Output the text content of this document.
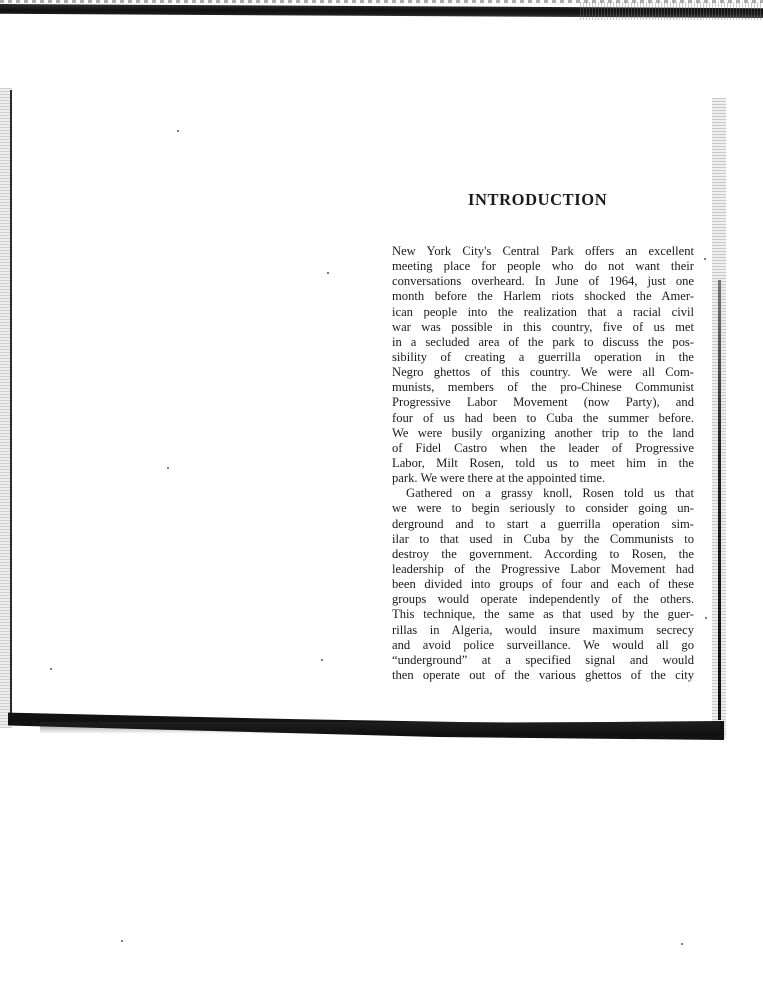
INTRODUCTION
New York City's Central Park offers an excellent
meeting place for people who do not want their
conversations overheard. In June of 1964, just one
month before the Harlem riots shocked the Amer-
ican people into the realization that a racial civil
war was possible in this country, five of us met
in a secluded area of the park to discuss the pos-
sibility of creating a guerrilla operation in the
Negro ghettos of this country. We were all Com-
munists, members of the pro-Chinese Communist
Progressive Labor Movement (now Party), and
four of us had been to Cuba the summer before.
We were busily organizing another trip to the land
of Fidel Castro when the leader of Progressive
Labor, Milt Rosen, told us to meet him in the
park. We were there at the appointed time.
Gathered on a grassy knoll, Rosen told us that
we were to begin seriously to consider going un-
derground and to start a guerrilla operation sim-
ilar to that used in Cuba by the Communists to
destroy the government. According to Rosen, the
leadership of the Progressive Labor Movement had
been divided into groups of four and each of these
groups would operate independently of the others.
This technique, the same as that used by the guer-
rillas in Algeria, would insure maximum secrecy
and avoid police surveillance. We would all go
“underground” at a specified signal and would
then operate out of the various ghettos of the city
